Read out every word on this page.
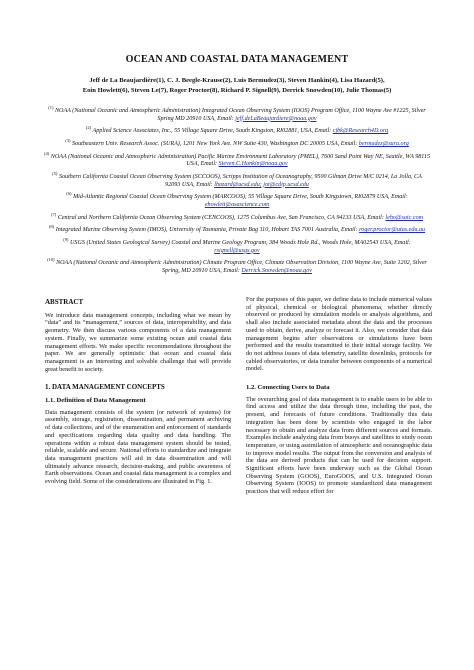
OCEAN AND COASTAL DATA MANAGEMENT
Jeff de La Beaujardière(1), C. J. Beegle-Krause(2), Luis Bermudez(3), Steven Hankin(4), Lisa Hazard(5),
Eoin Howlett(6), Steven Le(7), Roger Proctor(8), Richard P. Signell(9), Derrick Snowden(10), Julie Thomas(5)
$^{(1)}$ NOAA (National Oceanic and Atmospheric Administration) Integrated Ocean Observing System (IOOS) Program Office, 1100 Wayne Ave #1225, Silver Spring MD 20910 USA, Email: jeff.deLaBeaujardiere@noaa.gov
$^{(2)}$ Applied Science Associates, Inc., 55 Village Square Drive, South Kingston, RI02881, USA, Email: cjbk@Research4D.org
$^{(3)}$ Southeastern Univ. Research Assoc. (SURA), 1201 New York Ave. NW Suite 430, Washington DC 20005 USA, Email: bermudez@sura.org
$^{(4)}$ NOAA (National Oceanic and Atmospheric Administration) Pacific Marine Environment Laboratory (PMEL), 7600 Sand Point Way NE, Seattle, WA 98115 USA, Email: Steven.C.Hankin@noaa.gov
$^{(5)}$ Southern California Coastal Ocean Observing System (SCCOOS), Scripps Institution of Oceanography, 9500 Gilman Drive M/C 0214, La Jolla, CA 92093 USA, Email: lhazard@ucsd.edu; jot@cdip.ucsd.edu
$^{(6)}$ Mid-Atlantic Regional Coastal Ocean Observing System (MARCOOS), 55 Village Square Drive, South Kingstown, RI02879 USA, Email: ehowlett@asascience.com
$^{(7)}$ Central and Northern California Ocean Observing System (CENCOOS), 1275 Columbus Ave, San Francisco, CA 94133 USA, Email: leho@saic.com
$^{(8)}$ Integrated Marine Observing System (IMOS), University of Tasmania, Private Bag 110, Hobart TAS 7001 Australia, Email: roger.proctor@utas.edu.au
$^{(9)}$ USGS (United States Geological Survey) Coastal and Marine Geology Program, 384 Woods Hole Rd., Woods Hole, MA02543 USA, Email: rsignell@usgs.gov
$^{(10)}$ NOAA (National Oceanic and Atmospheric Administration) Climate Program Office, Climate Observation Division, 1100 Wayne Ave, Suite 1202, Silver Spring, MD 20910 USA, Email: Derrick.Snowden@noaa.gov
ABSTRACT
We introduce data management concepts, including what we mean by “data” and its “management,” sources of data, interoperability, and data geometry. We then discuss various components of a data management system. Finally, we summarize some existing ocean and coastal data management efforts. We make specific recommendations throughout the paper. We are generally optimistic that ocean and coastal data management is an interesting and solvable challenge that will provide great benefit to society.
1. DATA MANAGEMENT CONCEPTS
1.1. Definition of Data Management
Data management consists of the system (or network of systems) for assembly, storage, registration, dissemination, and permanent archiving of data collections, and of the enumeration and enforcement of standards and specifications regarding data quality and data handling. The operations within a robust data management system should be tested, reliable, scalable and secure. National efforts to standardize and integrate data management practices will aid in data dissemination and will ultimately advance research, decision-making, and public awareness of Earth observations. Ocean and coastal data management is a complex and evolving field. Some of the considerations are illustrated in Fig. 1.
For the purposes of this paper, we define data to include numerical values of physical, chemical or biological phenomena, whether directly observed or produced by simulation models or analysis algorithms, and shall also include associated metadata about the data and the processes used to obtain, derive, analyze or forecast it. Also, we consider that data management begins after observations or simulations have been performed and the results transmitted to their initial storage facility. We do not address issues of data telemetry, satellite downlinks, protocols for cabled observatories, or data transfer between components of a numerical model.
1.2. Connecting Users to Data
The overarching goal of data management is to enable users to be able to find access and utilize the data through time, including the past, the present, and forecasts of future conditions. Traditionally this data integration has been done by scientists who engaged in the labor necessary to obtain and analyze data from different sources and formats. Examples include analyzing data from buoys and satellites to study ocean temperature, or using assimilation of atmospheric and oceanographic data to improve model results. The output from the conversion and analysis of the data are derived products that can be used for decision support. Significant efforts have been underway such as the Global Ocean Observing System (GOOS), EuroGOOS, and U.S. Integrated Ocean Observing System (IOOS) to promote standardized data management practices that will reduce effort for
